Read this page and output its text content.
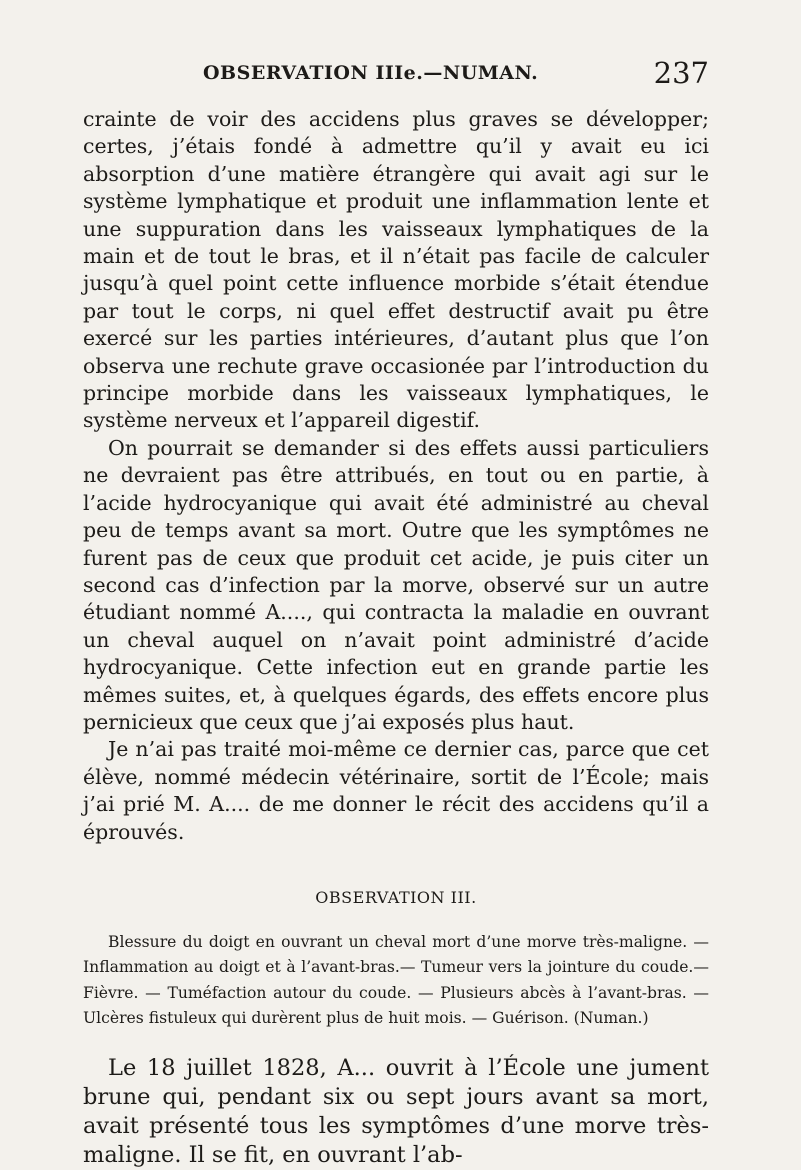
OBSERVATION IIIe.—NUMAN.	237

crainte de voir des accidens plus graves se développer; certes, j’étais fondé à admettre qu’il y avait eu ici absorption d’une matière étrangère qui avait agi sur le système lymphatique et produit une inflammation lente et une suppuration dans les vaisseaux lymphatiques de la main et de tout le bras, et il n’était pas facile de calculer jusqu’à quel point cette influence morbide s’était étendue par tout le corps, ni quel effet destructif avait pu être exercé sur les parties intérieures, d’autant plus que l’on observa une rechute grave occasionée par l’introduction du principe morbide dans les vaisseaux lymphatiques, le système nerveux et l’appareil digestif.

On pourrait se demander si des effets aussi particuliers ne devraient pas être attribués, en tout ou en partie, à l’acide hydrocyanique qui avait été administré au cheval peu de temps avant sa mort. Outre que les symptômes ne furent pas de ceux que produit cet acide, je puis citer un second cas d’infection par la morve, observé sur un autre étudiant nommé A...., qui contracta la maladie en ouvrant un cheval auquel on n’avait point administré d’acide hydrocyanique. Cette infection eut en grande partie les mêmes suites, et, à quelques égards, des effets encore plus pernicieux que ceux que j’ai exposés plus haut.

Je n’ai pas traité moi-même ce dernier cas, parce que cet élève, nommé médecin vétérinaire, sortit de l’École; mais j’ai prié M. A.... de me donner le récit des accidens qu’il a éprouvés.

OBSERVATION III.

Blessure du doigt en ouvrant un cheval mort d’une morve très-maligne. —Inflammation au doigt et à l’avant-bras.— Tumeur vers la jointure du coude.— Fièvre. — Tuméfaction autour du coude. — Plusieurs abcès à l’avant-bras. — Ulcères fistuleux qui durèrent plus de huit mois. — Guérison. (Numan.)

Le 18 juillet 1828, A... ouvrit à l’École une jument brune qui, pendant six ou sept jours avant sa mort, avait présenté tous les symptômes d’une morve très-maligne. Il se fit, en ouvrant l’ab-
